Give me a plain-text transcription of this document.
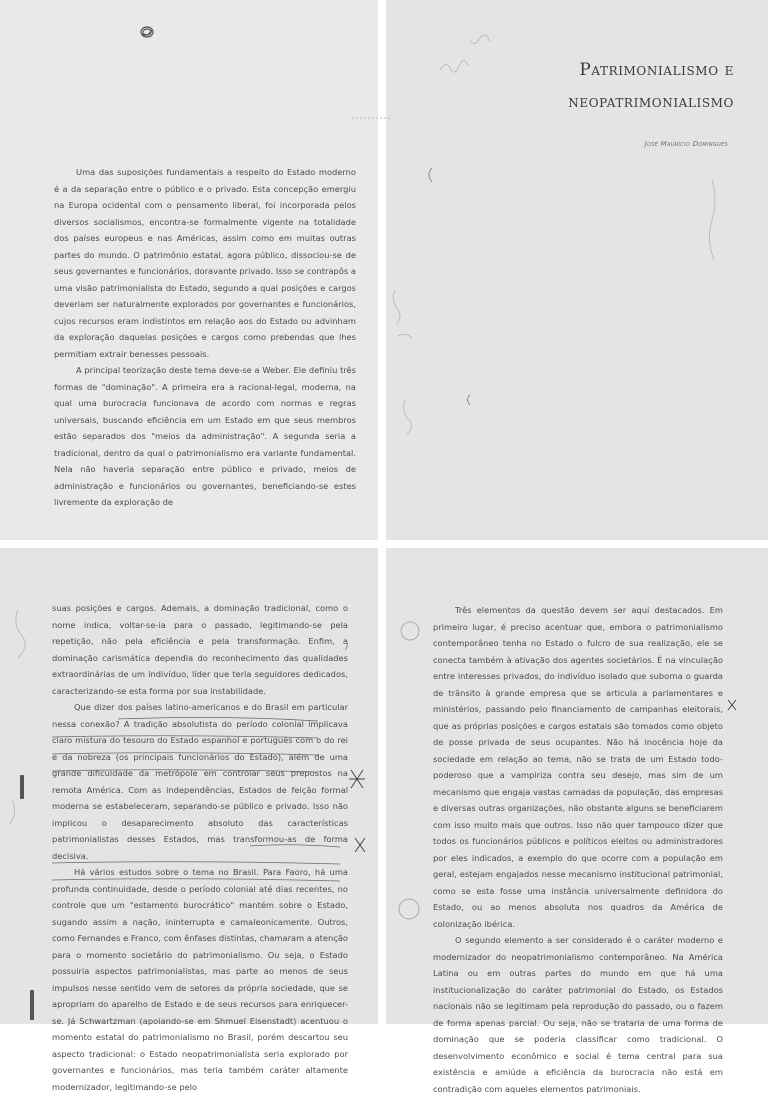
Patrimonialismo e
neopatrimonialismo
José Maurício Domingues

Uma das suposições fundamentais a respeito do Estado moderno é a da separação entre o público e o privado. Esta concepção emergiu na Europa ocidental com o pensamento liberal, foi incorporada pelos diversos socialismos, encontra-se formalmente vigente na totalidade dos países europeus e nas Américas, assim como em muitas outras partes do mundo. O patrimônio estatal, agora público, dissociou-se de seus governantes e funcionários, doravante privado. Isso se contrapôs a uma visão patrimonialista do Estado, segundo a qual posições e cargos deveriam ser naturalmente explorados por governantes e funcionários, cujos recursos eram indistintos em relação aos do Estado ou advinham da exploração daquelas posições e cargos como prebendas que lhes permitiam extrair benesses pessoais.

A principal teorização deste tema deve-se a Weber. Ele definiu três formas de "dominação". A primeira era a racional-legal, moderna, na qual uma burocracia funcionava de acordo com normas e regras universais, buscando eficiência em um Estado em que seus membros estão separados dos "meios da administração". A segunda seria a tradicional, dentro da qual o patrimonialismo era variante fundamental. Nela não haveria separação entre público e privado, meios de administração e funcionários ou governantes, beneficiando-se estes livremente da exploração de

suas posições e cargos. Ademais, a dominação tradicional, como o nome indica, voltar-se-ia para o passado, legitimando-se pela repetição, não pela eficiência e pela transformação. Enfim, a dominação carismática dependia do reconhecimento das qualidades extraordinárias de um indivíduo, líder que teria seguidores dedicados, caracterizando-se esta forma por sua instabilidade.

Que dizer dos países latino-americanos e do Brasil em particular nessa conexão? A tradição absolutista do período colonial implicava claro mistura do tesouro do Estado espanhol e português com o do rei e da nobreza (os principais funcionários do Estado), além de uma grande dificuldade da metrópole em controlar seus prepostos na remota América. Com as independências, Estados de feição formal moderna se estabeleceram, separando-se público e privado. Isso não implicou o desaparecimento absoluto das características patrimonialistas desses Estados, mas transformou-as de forma decisiva.

Há vários estudos sobre o tema no Brasil. Para Faoro, há uma profunda continuidade, desde o período colonial até dias recentes, no controle que um "estamento burocrático" mantém sobre o Estado, sugando assim a nação, ininterrupta e camaleonicamente. Outros, como Fernandes e Franco, com ênfases distintas, chamaram a atenção para o momento societário do patrimonialismo. Ou seja, o Estado possuiria aspectos patrimonialistas, mas parte ao menos de seus impulsos nesse sentido vem de setores da própria sociedade, que se apropriam do aparelho de Estado e de seus recursos para enriquecer-se. Já Schwartzman (apoiando-se em Shmuel Eisenstadt) acentuou o momento estatal do patrimonialismo no Brasil, porém descartou seu aspecto tradicional: o Estado neopatrimonialista seria explorado por governantes e funcionários, mas teria também caráter altamente modernizador, legitimando-se pelo

Três elementos da questão devem ser aqui destacados. Em primeiro lugar, é preciso acentuar que, embora o patrimonialismo contemporâneo tenha no Estado o fulcro de sua realização, ele se conecta também à ativação dos agentes societários. É na vinculação entre interesses privados, do indivíduo isolado que suborna o guarda de trânsito à grande empresa que se articula a parlamentares e ministérios, passando pelo financiamento de campanhas eleitorais, que as próprias posições e cargos estatais são tomados como objeto de posse privada de seus ocupantes. Não há inocência hoje da sociedade em relação ao tema, não se trata de um Estado todo-poderoso que a vampiriza contra seu desejo, mas sim de um mecanismo que engaja vastas camadas da população, das empresas e diversas outras organizações, não obstante alguns se beneficiarem com isso muito mais que outros. Isso não quer tampouco dizer que todos os funcionários públicos e políticos eleitos ou administradores por eles indicados, a exemplo do que ocorre com a população em geral, estejam engajados nesse mecanismo institucional patrimonial, como se esta fosse uma instância universalmente definidora do Estado, ou ao menos absoluta nos quadros da América de colonização ibérica.

O segundo elemento a ser considerado é o caráter moderno e modernizador do neopatrimonialismo contemporâneo. Na América Latina ou em outras partes do mundo em que há uma institucionalização do caráter patrimonial do Estado, os Estados nacionais não se legitimam pela reprodução do passado, ou o fazem de forma apenas parcial. Ou seja, não se trataria de uma forma de dominação que se poderia classificar como tradicional. O desenvolvimento econômico e social é tema central para sua existência e amiúde a eficiência da burocracia não está em contradição com aqueles elementos patrimoniais.
